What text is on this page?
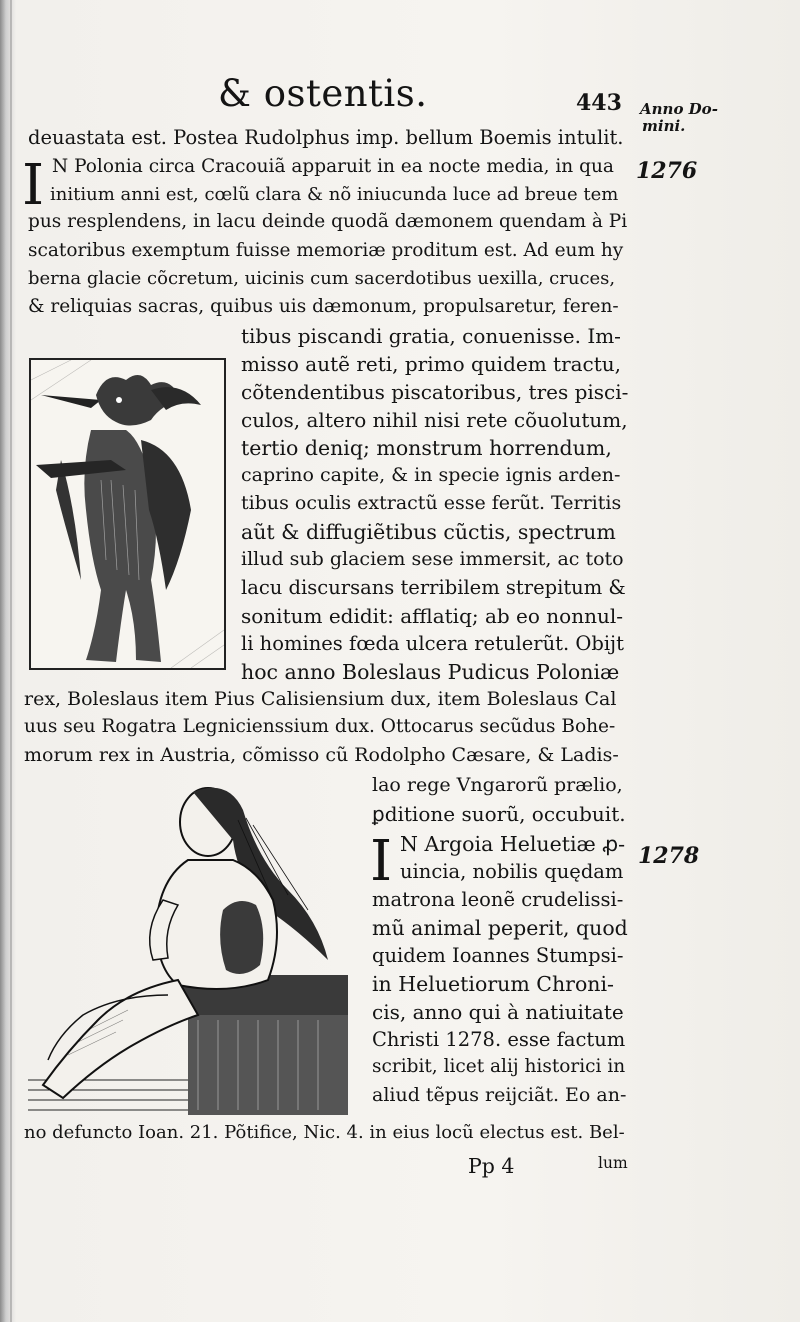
& ostentis.	443 Anno Do-
mini.
1276
1278
deuastata est. Postea Rudolphus imp. bellum Boemis intulit.
I N Polonia circa Cracouiã apparuit in ea nocte media, in qua
initium anni est, cœlũ clara & nõ iniucunda luce ad breue tem
pus resplendens, in lacu deinde quodã dæmonem quendam à Pi
scatoribus exemptum fuisse memoriæ proditum est. Ad eum hy
berna glacie cõcretum, uicinis cum sacerdotibus uexilla, cruces,
& reliquias sacras, quibus uis dæmonum, propulsaretur, feren-
tibus piscandi gratia, conuenisse. Im-
misso autẽ reti, primo quidem tractu,
cõtendentibus piscatoribus, tres pisci-
culos, altero nihil nisi rete cõuolutum,
tertio deniq; monstrum horrendum,
caprino capite, & in specie ignis arden-
tibus oculis extractũ esse ferũt. Territis
aũt & diffugiẽtibus cũctis, spectrum
illud sub glaciem sese immersit, ac toto
lacu discursans terribilem strepitum &
sonitum edidit: afflatiq; ab eo nonnul-
li homines fœda ulcera retulerũt. Obijt
hoc anno Boleslaus Pudicus Poloniæ
rex, Boleslaus item Pius Calisiensium dux, item Boleslaus Cal
uus seu Rogatra Legnicienssium dux. Ottocarus secũdus Bohe-
morum rex in Austria, cõmisso cũ Rodolpho Cæsare, & Ladis-
lao rege Vngarorũ prælio,
ꝑditione suorũ, occubuit.
I N Argoia Heluetiæ ꝓ-
uincia, nobilis quędam
matrona leonẽ crudelissi-
mũ animal peperit, quod
quidem Ioannes Stumpsi-
in Heluetiorum Chroni-
cis, anno qui à natiuitate
Christi 1278. esse factum
scribit, licet alij historici in
aliud tẽpus reijciãt. Eo an-
no defuncto Ioan. 21. Põtifice, Nic. 4. in eius locũ electus est. Bel-
Pp 4	lum
